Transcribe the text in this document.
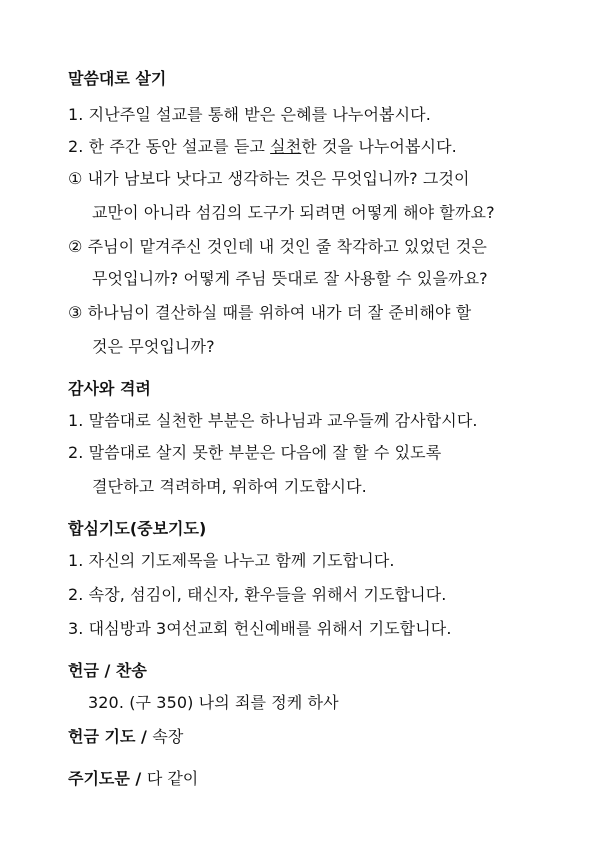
말씀대로 살기
1. 지난주일 설교를 통해 받은 은혜를 나누어봅시다.
2. 한 주간 동안 설교를 듣고 실천한 것을 나누어봅시다.
① 내가 남보다 낫다고 생각하는 것은 무엇입니까? 그것이
교만이 아니라 섬김의 도구가 되려면 어떻게 해야 할까요?
② 주님이 맡겨주신 것인데 내 것인 줄 착각하고 있었던 것은
무엇입니까? 어떻게 주님 뜻대로 잘 사용할 수 있을까요?
③ 하나님이 결산하실 때를 위하여 내가 더 잘 준비해야 할
것은 무엇입니까?
감사와 격려
1. 말씀대로 실천한 부분은 하나님과 교우들께 감사합시다.
2. 말씀대로 살지 못한 부분은 다음에 잘 할 수 있도록
결단하고 격려하며, 위하여 기도합시다.
합심기도(중보기도)
1. 자신의 기도제목을 나누고 함께 기도합니다.
2. 속장, 섬김이, 태신자, 환우들을 위해서 기도합니다.
3. 대심방과 3여선교회 헌신예배를 위해서 기도합니다.
헌금 / 찬송
320. (구 350) 나의 죄를 정케 하사
헌금 기도 / 속장
주기도문 / 다 같이
